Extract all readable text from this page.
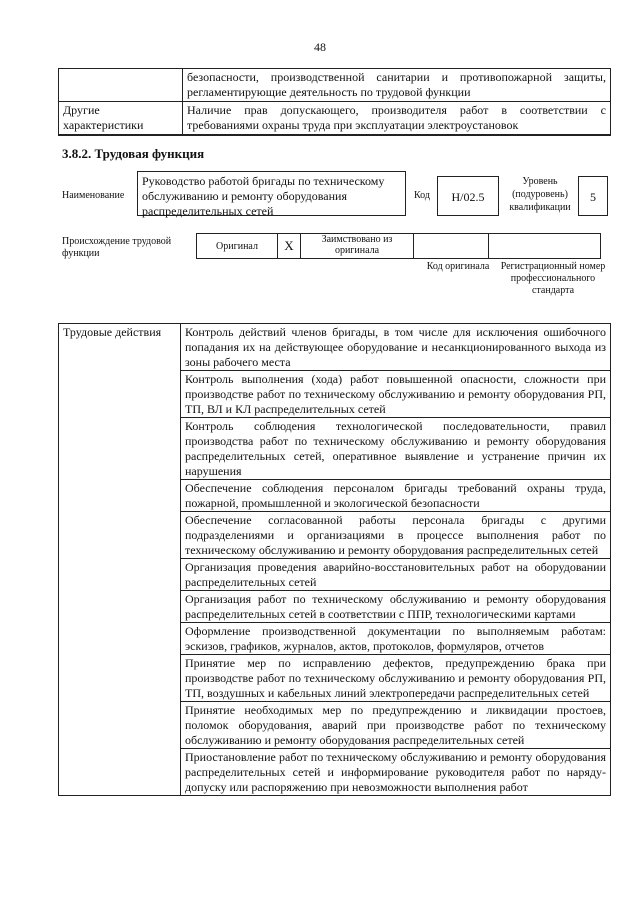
48
	безопасности, производственной санитарии и противопожарной защиты, регламентирующие деятельность по трудовой функции
Другие характеристики	Наличие прав допускающего, производителя работ в соответствии с требованиями охраны труда при эксплуатации электроустановок
3.8.2. Трудовая функция
Наименование
Руководство работой бригады по техническому обслуживанию и ремонту оборудования распределительных сетей
Код	Н/02.5
Уровень (подуровень) квалификации
5
Происхождение трудовой функции
Оригинал	X	Заимствовано из оригинала		
Код оригинала	Регистрационный номер профессионального стандарта
Трудовые действия	Контроль действий членов бригады, в том числе для исключения ошибочного попадания их на действующее оборудование и несанкционированного выхода из зоны рабочего места
Контроль выполнения (хода) работ повышенной опасности, сложности при производстве работ по техническому обслуживанию и ремонту оборудования РП, ТП, ВЛ и КЛ распределительных сетей
Контроль соблюдения технологической последовательности, правил производства работ по техническому обслуживанию и ремонту оборудования распределительных сетей, оперативное выявление и устранение причин их нарушения
Обеспечение соблюдения персоналом бригады требований охраны труда, пожарной, промышленной и экологической безопасности
Обеспечение согласованной работы персонала бригады с другими подразделениями и организациями в процессе выполнения работ по техническому обслуживанию и ремонту оборудования распределительных сетей
Организация проведения аварийно-восстановительных работ на оборудовании распределительных сетей
Организация работ по техническому обслуживанию и ремонту оборудования распределительных сетей в соответствии с ППР, технологическими картами
Оформление производственной документации по выполняемым работам: эскизов, графиков, журналов, актов, протоколов, формуляров, отчетов
Принятие мер по исправлению дефектов, предупреждению брака при производстве работ по техническому обслуживанию и ремонту оборудования РП, ТП, воздушных и кабельных линий электропередачи распределительных сетей
Принятие необходимых мер по предупреждению и ликвидации простоев, поломок оборудования, аварий при производстве работ по техническому обслуживанию и ремонту оборудования распределительных сетей
Приостановление работ по техническому обслуживанию и ремонту оборудования распределительных сетей и информирование руководителя работ по наряду-допуску или распоряжению при невозможности выполнения работ
